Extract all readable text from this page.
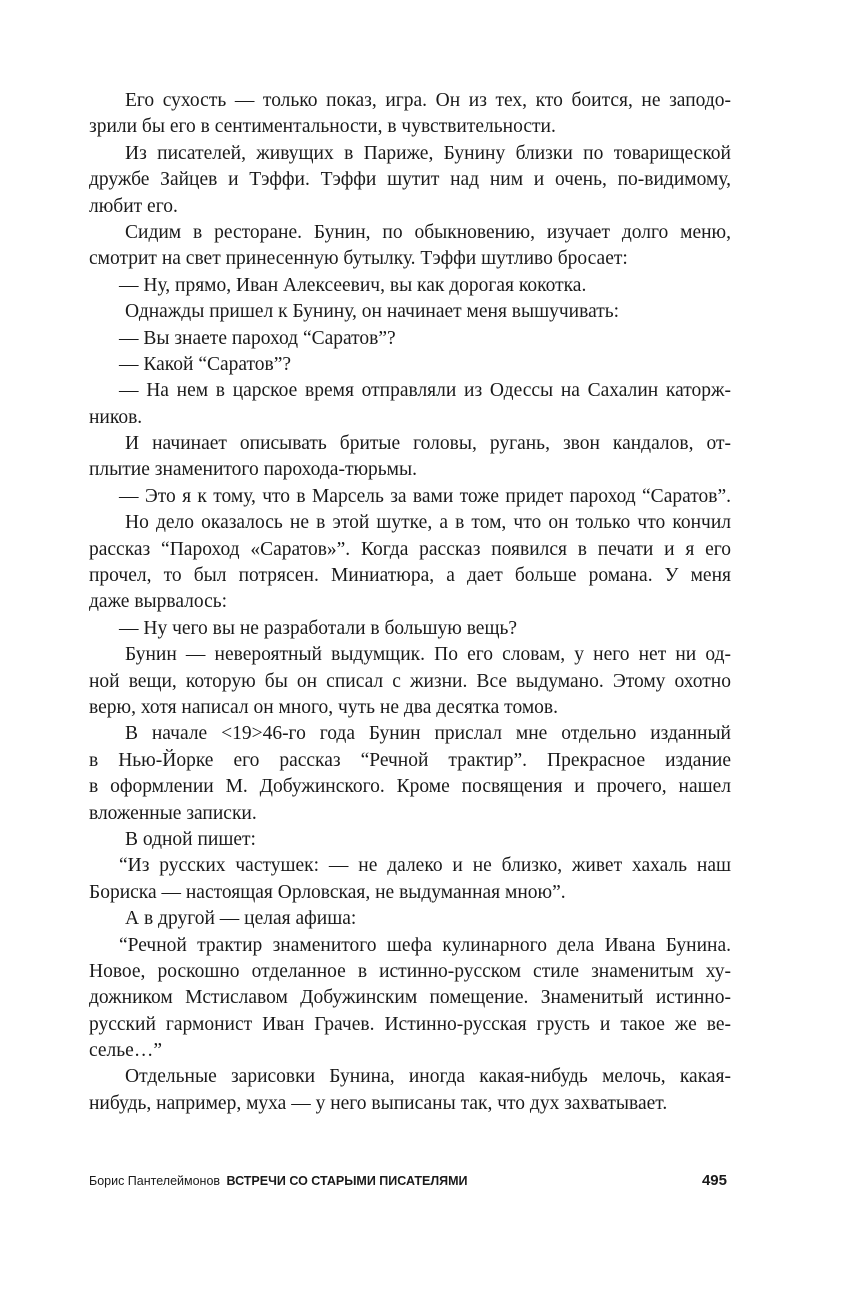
Его сухость — только показ, игра. Он из тех, кто боится, не заподо-
зрили бы его в сентиментальности, в чувствительности.
Из писателей, живущих в Париже, Бунину близки по товарищеской
дружбе Зайцев и Тэффи. Тэффи шутит над ним и очень, по-видимому,
любит его.
Сидим в ресторане. Бунин, по обыкновению, изучает долго меню,
смотрит на свет принесенную бутылку. Тэффи шутливо бросает:
— Ну, прямо, Иван Алексеевич, вы как дорогая кокотка.
Однажды пришел к Бунину, он начинает меня вышучивать:
— Вы знаете пароход “Саратов”?
— Какой “Саратов”?
— На нем в царское время отправляли из Одессы на Сахалин каторж-
ников.
И начинает описывать бритые головы, ругань, звон кандалов, от-
плытие знаменитого парохода-тюрьмы.
— Это я к тому, что в Марсель за вами тоже придет пароход “Саратов”.
Но дело оказалось не в этой шутке, а в том, что он только что кончил
рассказ “Пароход «Саратов»”. Когда рассказ появился в печати и я его
прочел, то был потрясен. Миниатюра, а дает больше романа. У меня
даже вырвалось:
— Ну чего вы не разработали в большую вещь?
Бунин — невероятный выдумщик. По его словам, у него нет ни од-
ной вещи, которую бы он списал с жизни. Все выдумано. Этому охотно
верю, хотя написал он много, чуть не два десятка томов.
В начале <19>46-го года Бунин прислал мне отдельно изданный
в Нью-Йорке его рассказ “Речной трактир”. Прекрасное издание
в оформлении М. Добужинского. Кроме посвящения и прочего, нашел
вложенные записки.
В одной пишет:
“Из русских частушек: — не далеко и не близко, живет хахаль наш
Бориска — настоящая Орловская, не выдуманная мною”.
А в другой — целая афиша:
“Речной трактир знаменитого шефа кулинарного дела Ивана Бунина.
Новое, роскошно отделанное в истинно-русском стиле знаменитым ху-
дожником Мстиславом Добужинским помещение. Знаменитый истинно-
русский гармонист Иван Грачев. Истинно-русская грусть и такое же ве-
селье…”
Отдельные зарисовки Бунина, иногда какая-нибудь мелочь, какая-
нибудь, например, муха — у него выписаны так, что дух захватывает.
Борис Пантелеймонов ВСТРЕЧИ СО СТАРЫМИ ПИСАТЕЛЯМИ	495
